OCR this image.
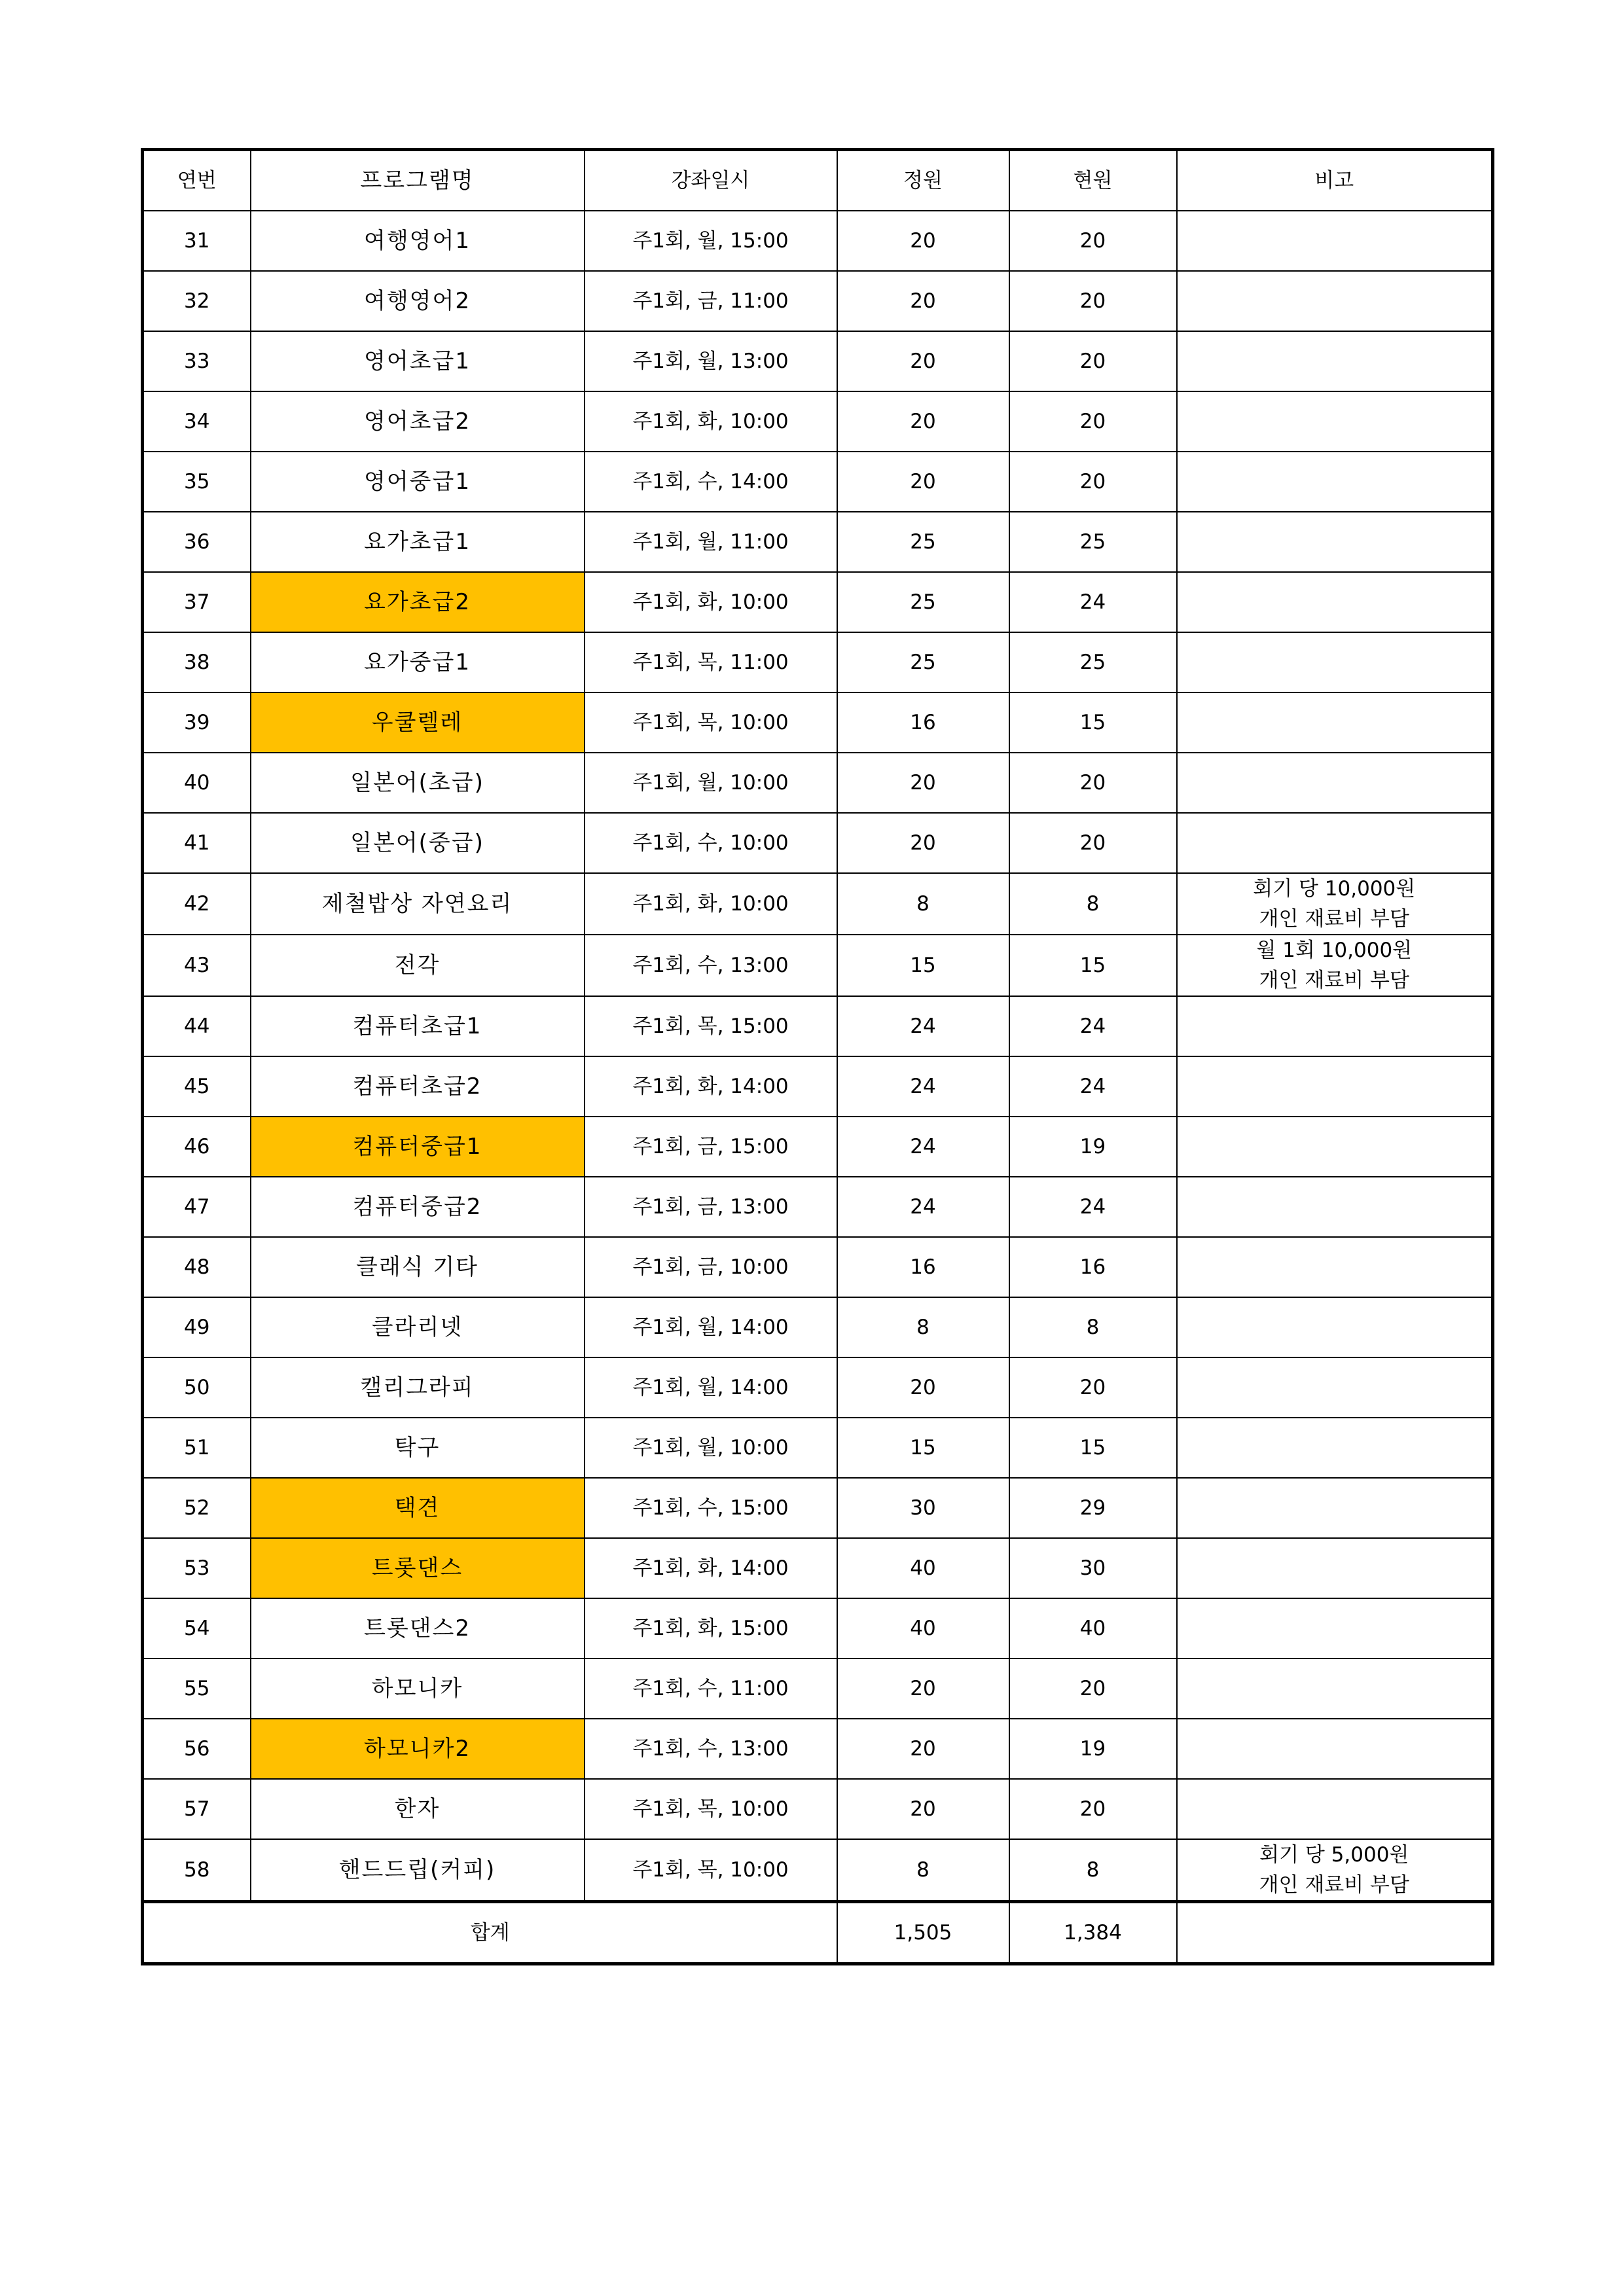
연번	프로그램명	강좌일시	정원	현원	비고
31	여행영어1	주1회, 월, 15:00	20	20	

32	여행영어2	주1회, 금, 11:00	20	20	

33	영어초급1	주1회, 월, 13:00	20	20	

34	영어초급2	주1회, 화, 10:00	20	20	

35	영어중급1	주1회, 수, 14:00	20	20	

36	요가초급1	주1회, 월, 11:00	25	25	

37	요가초급2	주1회, 화, 10:00	25	24	

38	요가중급1	주1회, 목, 11:00	25	25	

39	우쿨렐레	주1회, 목, 10:00	16	15	

40	일본어(초급)	주1회, 월, 10:00	20	20	

41	일본어(중급)	주1회, 수, 10:00	20	20	

42	제철밥상 자연요리	주1회, 화, 10:00	8	8	회기 당 10,000원
개인 재료비 부담

43	전각	주1회, 수, 13:00	15	15	월 1회 10,000원
개인 재료비 부담

44	컴퓨터초급1	주1회, 목, 15:00	24	24	

45	컴퓨터초급2	주1회, 화, 14:00	24	24	

46	컴퓨터중급1	주1회, 금, 15:00	24	19	

47	컴퓨터중급2	주1회, 금, 13:00	24	24	

48	클래식 기타	주1회, 금, 10:00	16	16	

49	클라리넷	주1회, 월, 14:00	8	8	

50	캘리그라피	주1회, 월, 14:00	20	20	

51	탁구	주1회, 월, 10:00	15	15	

52	택견	주1회, 수, 15:00	30	29	

53	트롯댄스	주1회, 화, 14:00	40	30	

54	트롯댄스2	주1회, 화, 15:00	40	40	

55	하모니카	주1회, 수, 11:00	20	20	

56	하모니카2	주1회, 수, 13:00	20	19	

57	한자	주1회, 목, 10:00	20	20	

58	핸드드립(커피)	주1회, 목, 10:00	8	8	회기 당 5,000원
개인 재료비 부담

합계			1,505	1,384	
